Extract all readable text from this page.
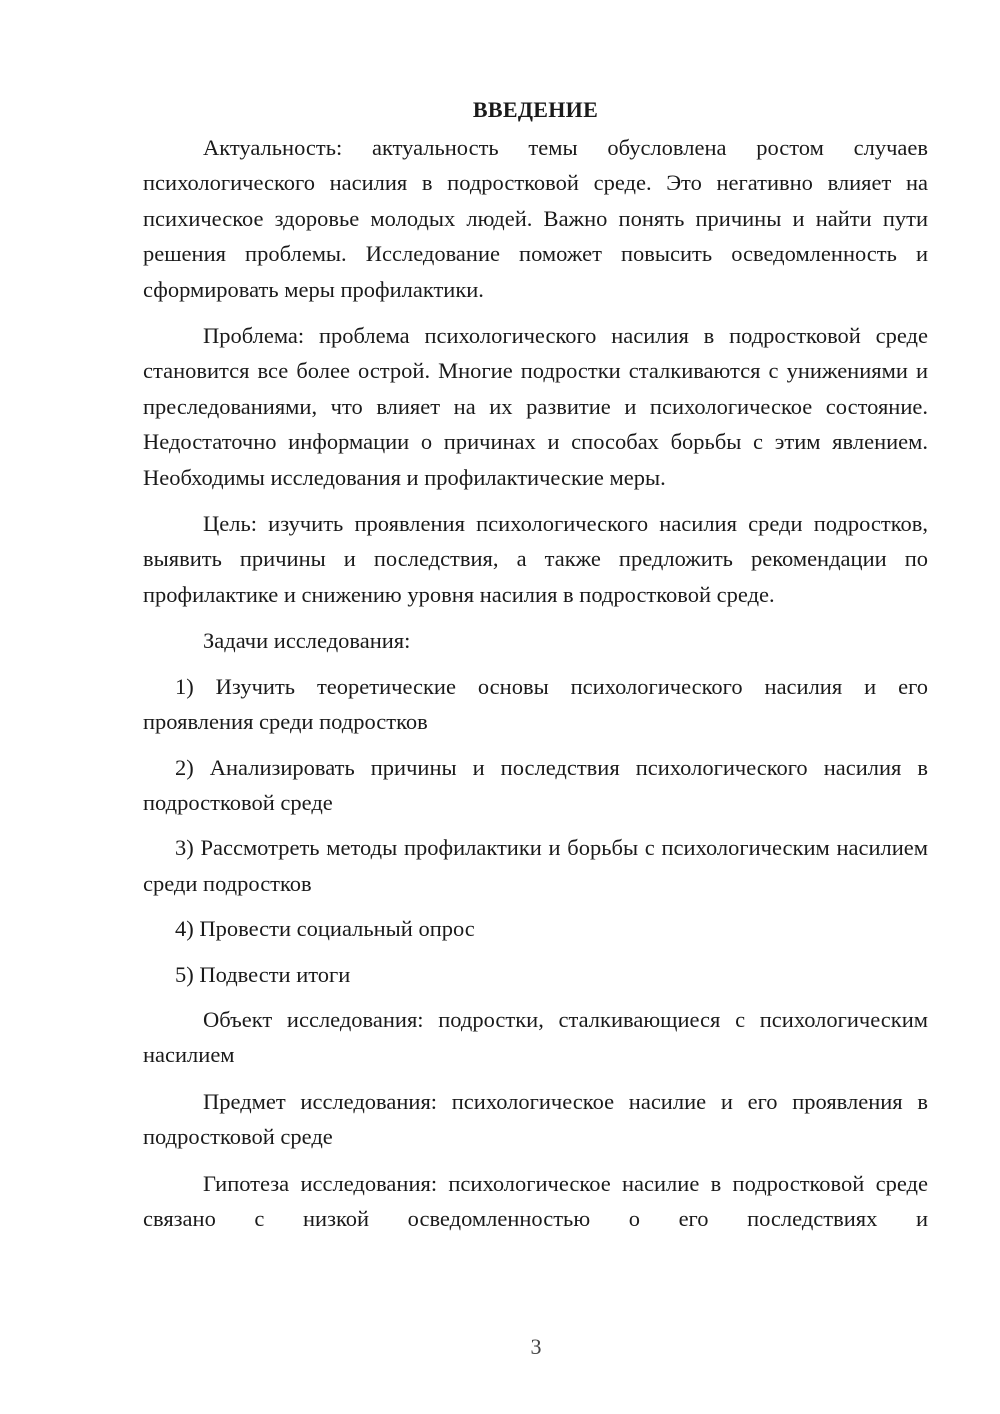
ВВЕДЕНИЕ

Актуальность: актуальность темы обусловлена ростом случаев психологического насилия в подростковой среде. Это негативно влияет на психическое здоровье молодых людей. Важно понять причины и найти пути решения проблемы. Исследование поможет повысить осведомленность и сформировать меры профилактики.

Проблема: проблема психологического насилия в подростковой среде становится все более острой. Многие подростки сталкиваются с унижениями и преследованиями, что влияет на их развитие и психологическое состояние. Недостаточно информации о причинах и способах борьбы с этим явлением. Необходимы исследования и профилактические меры.

Цель: изучить проявления психологического насилия среди подростков, выявить причины и последствия, а также предложить рекомендации по профилактике и снижению уровня насилия в подростковой среде.

Задачи исследования:

1) Изучить теоретические основы психологического насилия и его проявления среди подростков

2) Анализировать причины и последствия психологического насилия в подростковой среде

3) Рассмотреть методы профилактики и борьбы с психологическим насилием среди подростков

4) Провести социальный опрос

5) Подвести итоги

Объект исследования: подростки, сталкивающиеся с психологическим насилием

Предмет исследования: психологическое насилие и его проявления в подростковой среде

Гипотеза исследования: психологическое насилие в подростковой среде связано с низкой осведомленностью о его последствиях и

3
